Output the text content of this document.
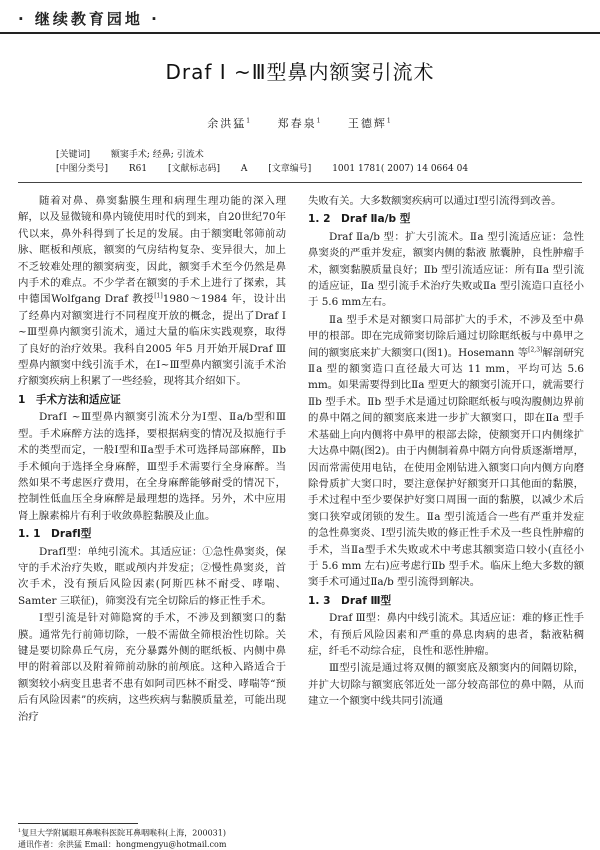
· 继续教育园地 ·
Draf Ⅰ ~Ⅲ型鼻内额窦引流术
余洪猛$^1$ 郑春泉$^1$ 王德辉$^1$
[关键词] 额窦手术; 经鼻; 引流术
[中图分类号] R61 [文献标志码] A [文章编号] 1001 1781( 2007) 14 0664 04

随着对鼻、鼻窦黏膜生理和病理生理功能的深入理解，以及显微镜和鼻内镜使用时代的到来，自20世纪70年代以来，鼻外科得到了长足的发展。由于额窦毗邻筛前动脉、眶板和颅底，额窦的气房结构复杂、变异很大，加上不乏较难处理的额窦病变，因此，额窦手术至今仍然是鼻内手术的难点。不少学者在额窦的手术上进行了探索，其中德国Wolfgang Draf 教授[1]1980～1984 年，设计出了经鼻内对额窦进行不同程度开放的概念，提出了Draf Ⅰ ~Ⅲ型鼻内额窦引流术，通过大量的临床实践观察，取得了良好的治疗效果。我科自2005 年5 月开始开展Draf Ⅲ型鼻内额窦中线引流手术，在Ⅰ~Ⅲ型鼻内额窦引流手术治疗额窦疾病上积累了一些经验，现将其介绍如下。

1　手术方法和适应证

DrafⅠ ~Ⅲ型鼻内额窦引流术分为Ⅰ型、Ⅱa/b型和Ⅲ型。手术麻醉方法的选择，要根据病变的情况及拟施行手术的类型而定，一般Ⅰ型和Ⅱa型手术可选择局部麻醉，Ⅱb 手术倾向于选择全身麻醉，Ⅲ型手术需要行全身麻醉。当然如果不考虑医疗费用，在全身麻醉能够耐受的情况下，控制性低血压全身麻醉是最理想的选择。另外，术中应用肾上腺素棉片有利于收敛鼻腔黏膜及止血。

1. 1　DrafⅠ型

DrafⅠ型：单纯引流术。其适应证：①急性鼻窦炎，保守的手术治疗失败，眶或颅内并发症；②慢性鼻窦炎，首次手术，没有预后风险因素(阿斯匹林不耐受、哮喘、Samter 三联征)，筛窦没有完全切除后的修正性手术。

Ⅰ型引流是针对筛隐窝的手术，不涉及到额窦口的黏膜。通常先行前筛切除，一般不需做全筛根治性切除。关键是要切除鼻丘气房，充分暴露外侧的眶纸板、内侧中鼻甲的附着部以及附着筛前动脉的前颅底。这种入路适合于额窦较小病变且患者不患有如阿司匹林不耐受、哮喘等“预后有风险因素”的疾病，这些疾病与黏膜质量差，可能出现治疗

失败有关。大多数额窦疾病可以通过Ⅰ型引流得到改善。

1. 2　Draf Ⅱa/b 型

Draf Ⅱa/b 型：扩大引流术。Ⅱa 型引流适应证：急性鼻窦炎的严重并发症，额窦内侧的黏液 脓囊肿，良性肿瘤手术，额窦黏膜质量良好；Ⅱb 型引流适应证：所有Ⅱa 型引流的适应证，Ⅱa 型引流手术治疗失败或Ⅱa 型引流造口直径小于 5.6 mm左右。

Ⅱa 型手术是对额窦口局部扩大的手术，不涉及至中鼻甲的根部。即在完成筛窦切除后通过切除眶纸板与中鼻甲之间的额窦底来扩大额窦口(图1)。Hosemann 等[2,3]解剖研究Ⅱa 型的额窦造口直径最大可达 11 mm，平均可达 5.6 mm。如果需要得到比Ⅱa 型更大的额窦引流开口，就需要行Ⅱb 型手术。Ⅱb 型手术是通过切除眶纸板与嗅沟腹侧边界前的鼻中隔之间的额窦底来进一步扩大额窦口，即在Ⅱa 型手术基础上向内侧将中鼻甲的根部去除，使额窦开口内侧缘扩大达鼻中隔(图2)。由于内侧制着鼻中隔方向骨质逐渐增厚，因而常需使用电钻，在使用金刚钻进入额窦口向内侧方向磨除骨质扩大窦口时，要注意保护好额窦开口其他面的黏膜，手术过程中至少要保护好窦口周围一面的黏膜，以减少术后窦口狭窄或闭锁的发生。Ⅱa 型引流适合一些有严重并发症的急性鼻窦炎、Ⅰ型引流失败的修正性手术及一些良性肿瘤的手术，当Ⅱa型手术失败或术中考虑其额窦造口较小(直径小于 5.6 mm 左右)应考虑行Ⅱb 型手术。临床上绝大多数的额窦手术可通过Ⅱa/b 型引流得到解决。

1. 3　Draf Ⅲ型

Draf Ⅲ型：鼻内中线引流术。其适应证：难的修正性手术，有预后风险因素和严重的鼻息肉病的患者，黏液粘稠症，纤毛不动综合症，良性和恶性肿瘤。

Ⅲ型引流是通过将双侧的额窦底及额窦内的间隔切除，并扩大切除与额窦底邻近处一部分较高部位的鼻中隔，从而建立一个额窦中线共同引流通

$^1$复旦大学附属眼耳鼻喉科医院耳鼻咽喉科(上海，200031)
通讯作者：余洪猛 Email：hongmengyu@hotmail.com
